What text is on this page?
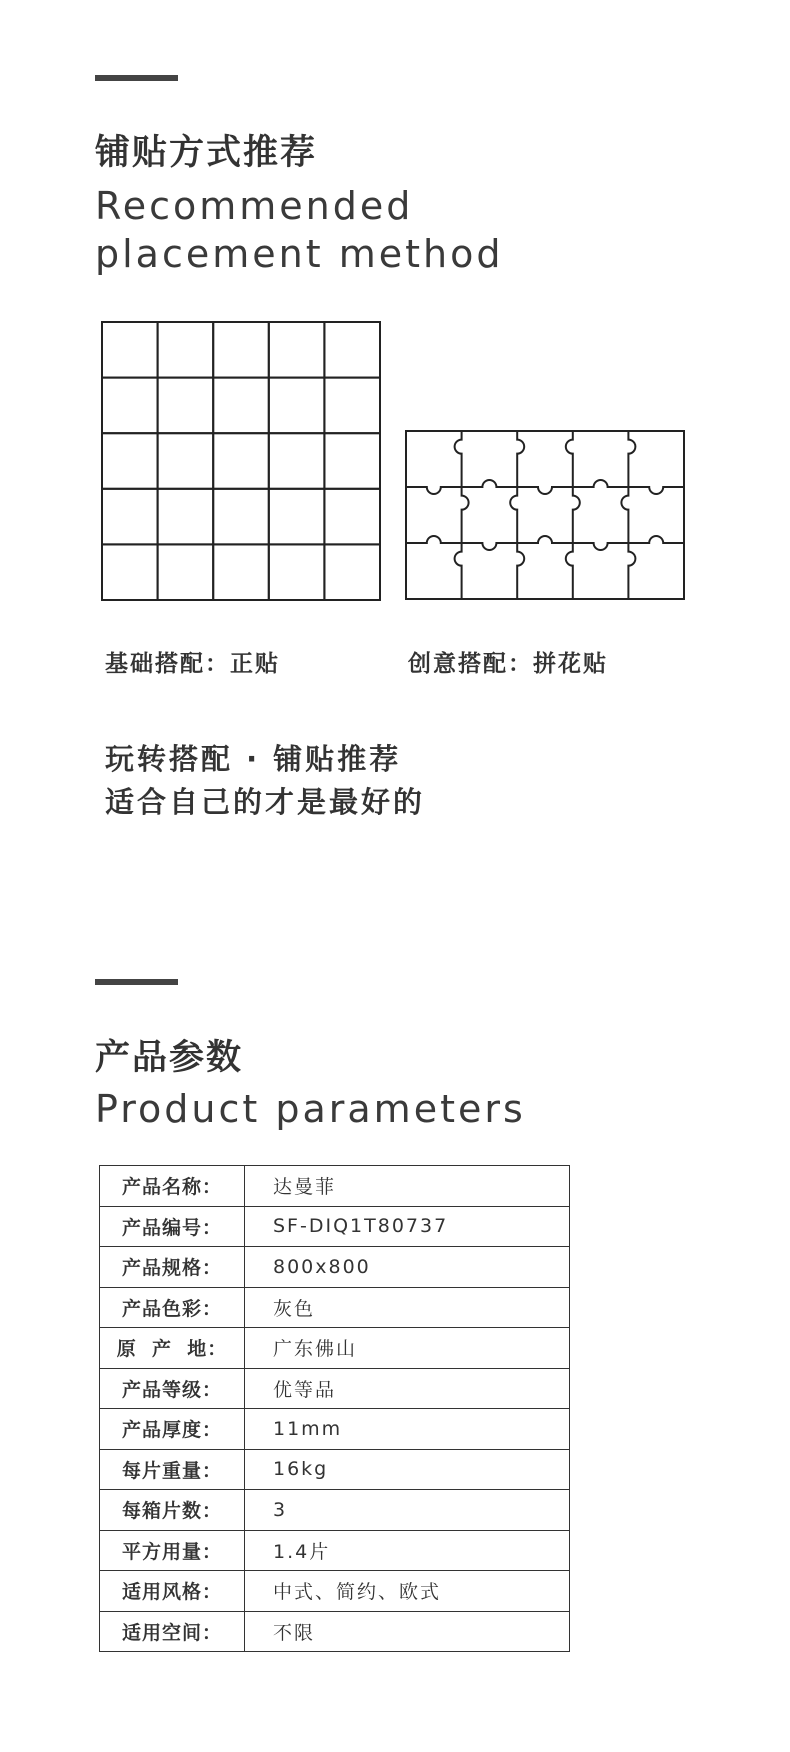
铺贴方式推荐
Recommended
placement method
基础搭配：正贴	创意搭配：拼花贴
玩转搭配 · 铺贴推荐
适合自己的才是最好的
产品参数
Product parameters
产品名称：	达曼菲
产品编号：	SF-DIQ1T80737
产品规格：	800x800
产品色彩：	灰色
原  产  地：	广东佛山
产品等级：	优等品
产品厚度：	11mm
每片重量：	16kg
每箱片数：	3
平方用量：	1.4片
适用风格：	中式、简约、欧式
适用空间：	不限
